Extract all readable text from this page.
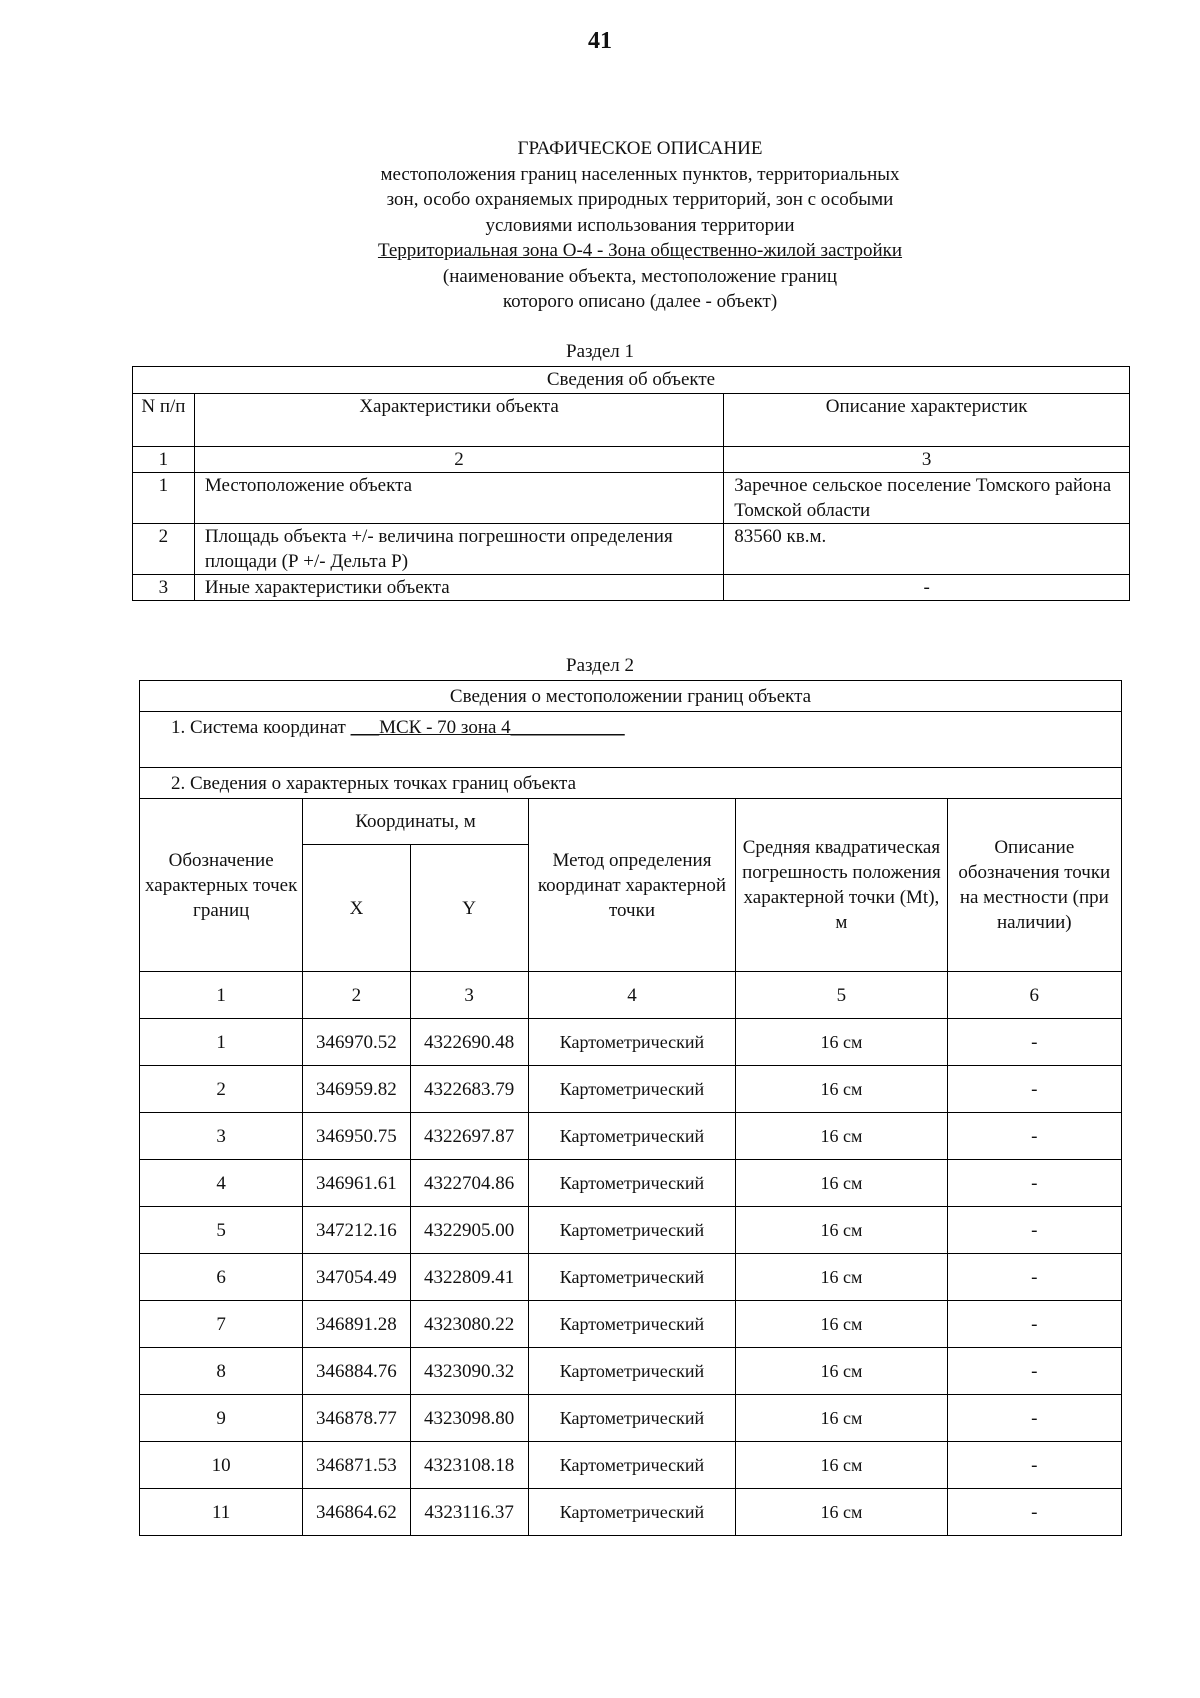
41
ГРАФИЧЕСКОЕ ОПИСАНИЕ
местоположения границ населенных пунктов, территориальных
зон, особо охраняемых природных территорий, зон с особыми
условиями использования территории
Территориальная зона О-4 - Зона общественно-жилой застройки
(наименование объекта, местоположение границ
которого описано (далее - объект)
Раздел 1
Сведения об объекте		
N п/п	Характеристики объекта	Описание характеристик
1	2	3
1	Местоположение объекта	Заречное сельское поселение Томского района Томской области
2	Площадь объекта +/- величина погрешности определения площади (Р +/- Дельта Р)	83560 кв.м.
3	Иные характеристики объекта	-
Раздел 2
Сведения о местоположении границ объекта					
1. Система координат ___МСК - 70 зона 4____________					
2. Сведения о характерных точках границ объекта					
Обозначение характерных точек границ	Координаты, м		Метод определения координат характерной точки	Средняя квадратическая погрешность положения характерной точки (Mt), м	Описание обозначения точки на местности (при наличии)
	X	Y			
1	2	3	4	5	6
1	346970.52	4322690.48	Картометрический	16 см	-
2	346959.82	4322683.79	Картометрический	16 см	-
3	346950.75	4322697.87	Картометрический	16 см	-
4	346961.61	4322704.86	Картометрический	16 см	-
5	347212.16	4322905.00	Картометрический	16 см	-
6	347054.49	4322809.41	Картометрический	16 см	-
7	346891.28	4323080.22	Картометрический	16 см	-
8	346884.76	4323090.32	Картометрический	16 см	-
9	346878.77	4323098.80	Картометрический	16 см	-
10	346871.53	4323108.18	Картометрический	16 см	-
11	346864.62	4323116.37	Картометрический	16 см	-
